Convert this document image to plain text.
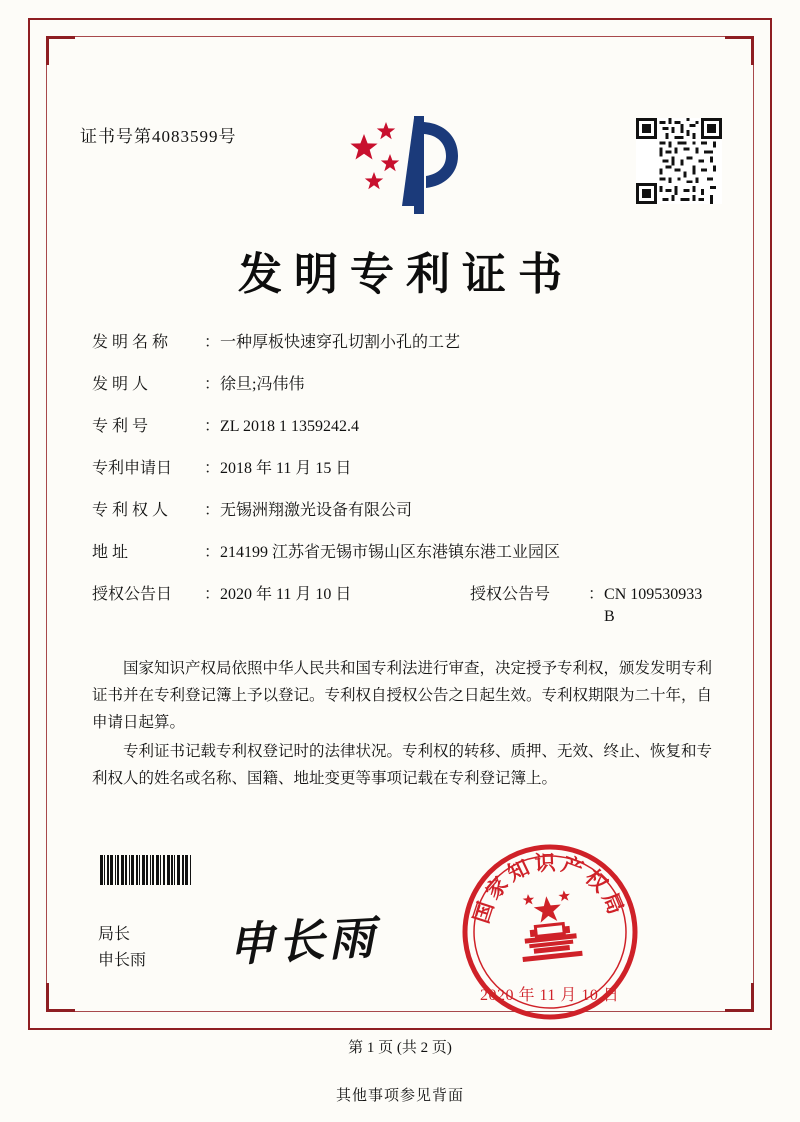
证书号第4083599号
发明专利证书
发 明 名 称	： 一种厚板快速穿孔切割小孔的工艺
发 明 人	： 徐旦;冯伟伟
专 利 号	： ZL 2018 1 1359242.4
专利申请日	： 2018 年 11 月 15 日
专 利 权 人	： 无锡洲翔激光设备有限公司
地 址	： 214199 江苏省无锡市锡山区东港镇东港工业园区
授权公告日	： 2020 年 11 月 10 日	授权公告号	： CN 109530933 B

国家知识产权局依照中华人民共和国专利法进行审查，决定授予专利权，颁发发明专利证书并在专利登记簿上予以登记。专利权自授权公告之日起生效。专利权期限为二十年，自申请日起算。

专利证书记载专利权登记时的法律状况。专利权的转移、质押、无效、终止、恢复和专利权人的姓名或名称、国籍、地址变更等事项记载在专利登记簿上。

申长雨
局长
申长雨
国家知识产权局
2020 年 11 月 10 日
第 1 页 (共 2 页)
其他事项参见背面
